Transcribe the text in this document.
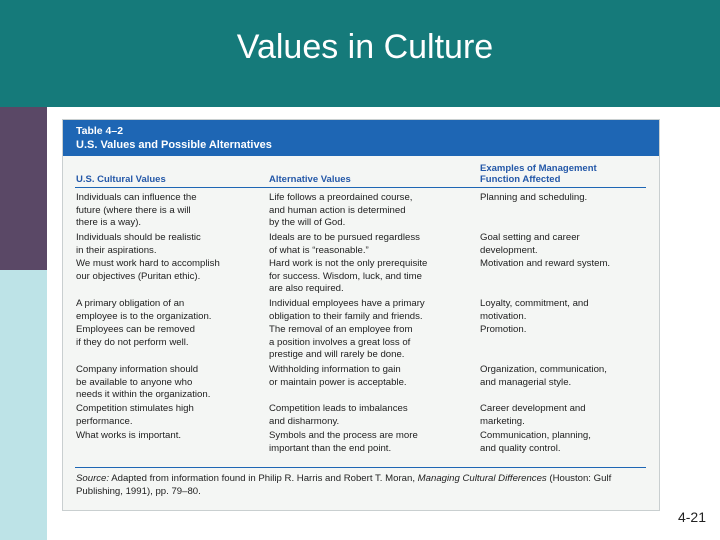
Values in Culture
Table 4–2
U.S. Values and Possible Alternatives
U.S. Cultural Values	Alternative Values
Examples of Management
Function Affected
Individuals can influence the
future (where there is a will
there is a way).
Life follows a preordained course,
and human action is determined
by the will of God.
Planning and scheduling.
Individuals should be realistic
in their aspirations.
Ideals are to be pursued regardless
of what is “reasonable.”
Goal setting and career
development.
We must work hard to accomplish
our objectives (Puritan ethic).
Hard work is not the only prerequisite
for success. Wisdom, luck, and time
are also required.
Motivation and reward system.
A primary obligation of an
employee is to the organization.
Individual employees have a primary
obligation to their family and friends.
Loyalty, commitment, and
motivation.
Employees can be removed
if they do not perform well.
The removal of an employee from
a position involves a great loss of
prestige and will rarely be done.
Promotion.
Company information should
be available to anyone who
needs it within the organization.
Withholding information to gain
or maintain power is acceptable.
Organization, communication,
and managerial style.
Competition stimulates high
performance.
Competition leads to imbalances
and disharmony.
Career development and
marketing.
What works is important.	Symbols and the process are more
important than the end point.
Communication, planning,
and quality control.
Source: Adapted from information found in Philip R. Harris and Robert T. Moran, Managing Cultural Differences (Houston: Gulf Publishing, 1991), pp. 79–80.
4-21
